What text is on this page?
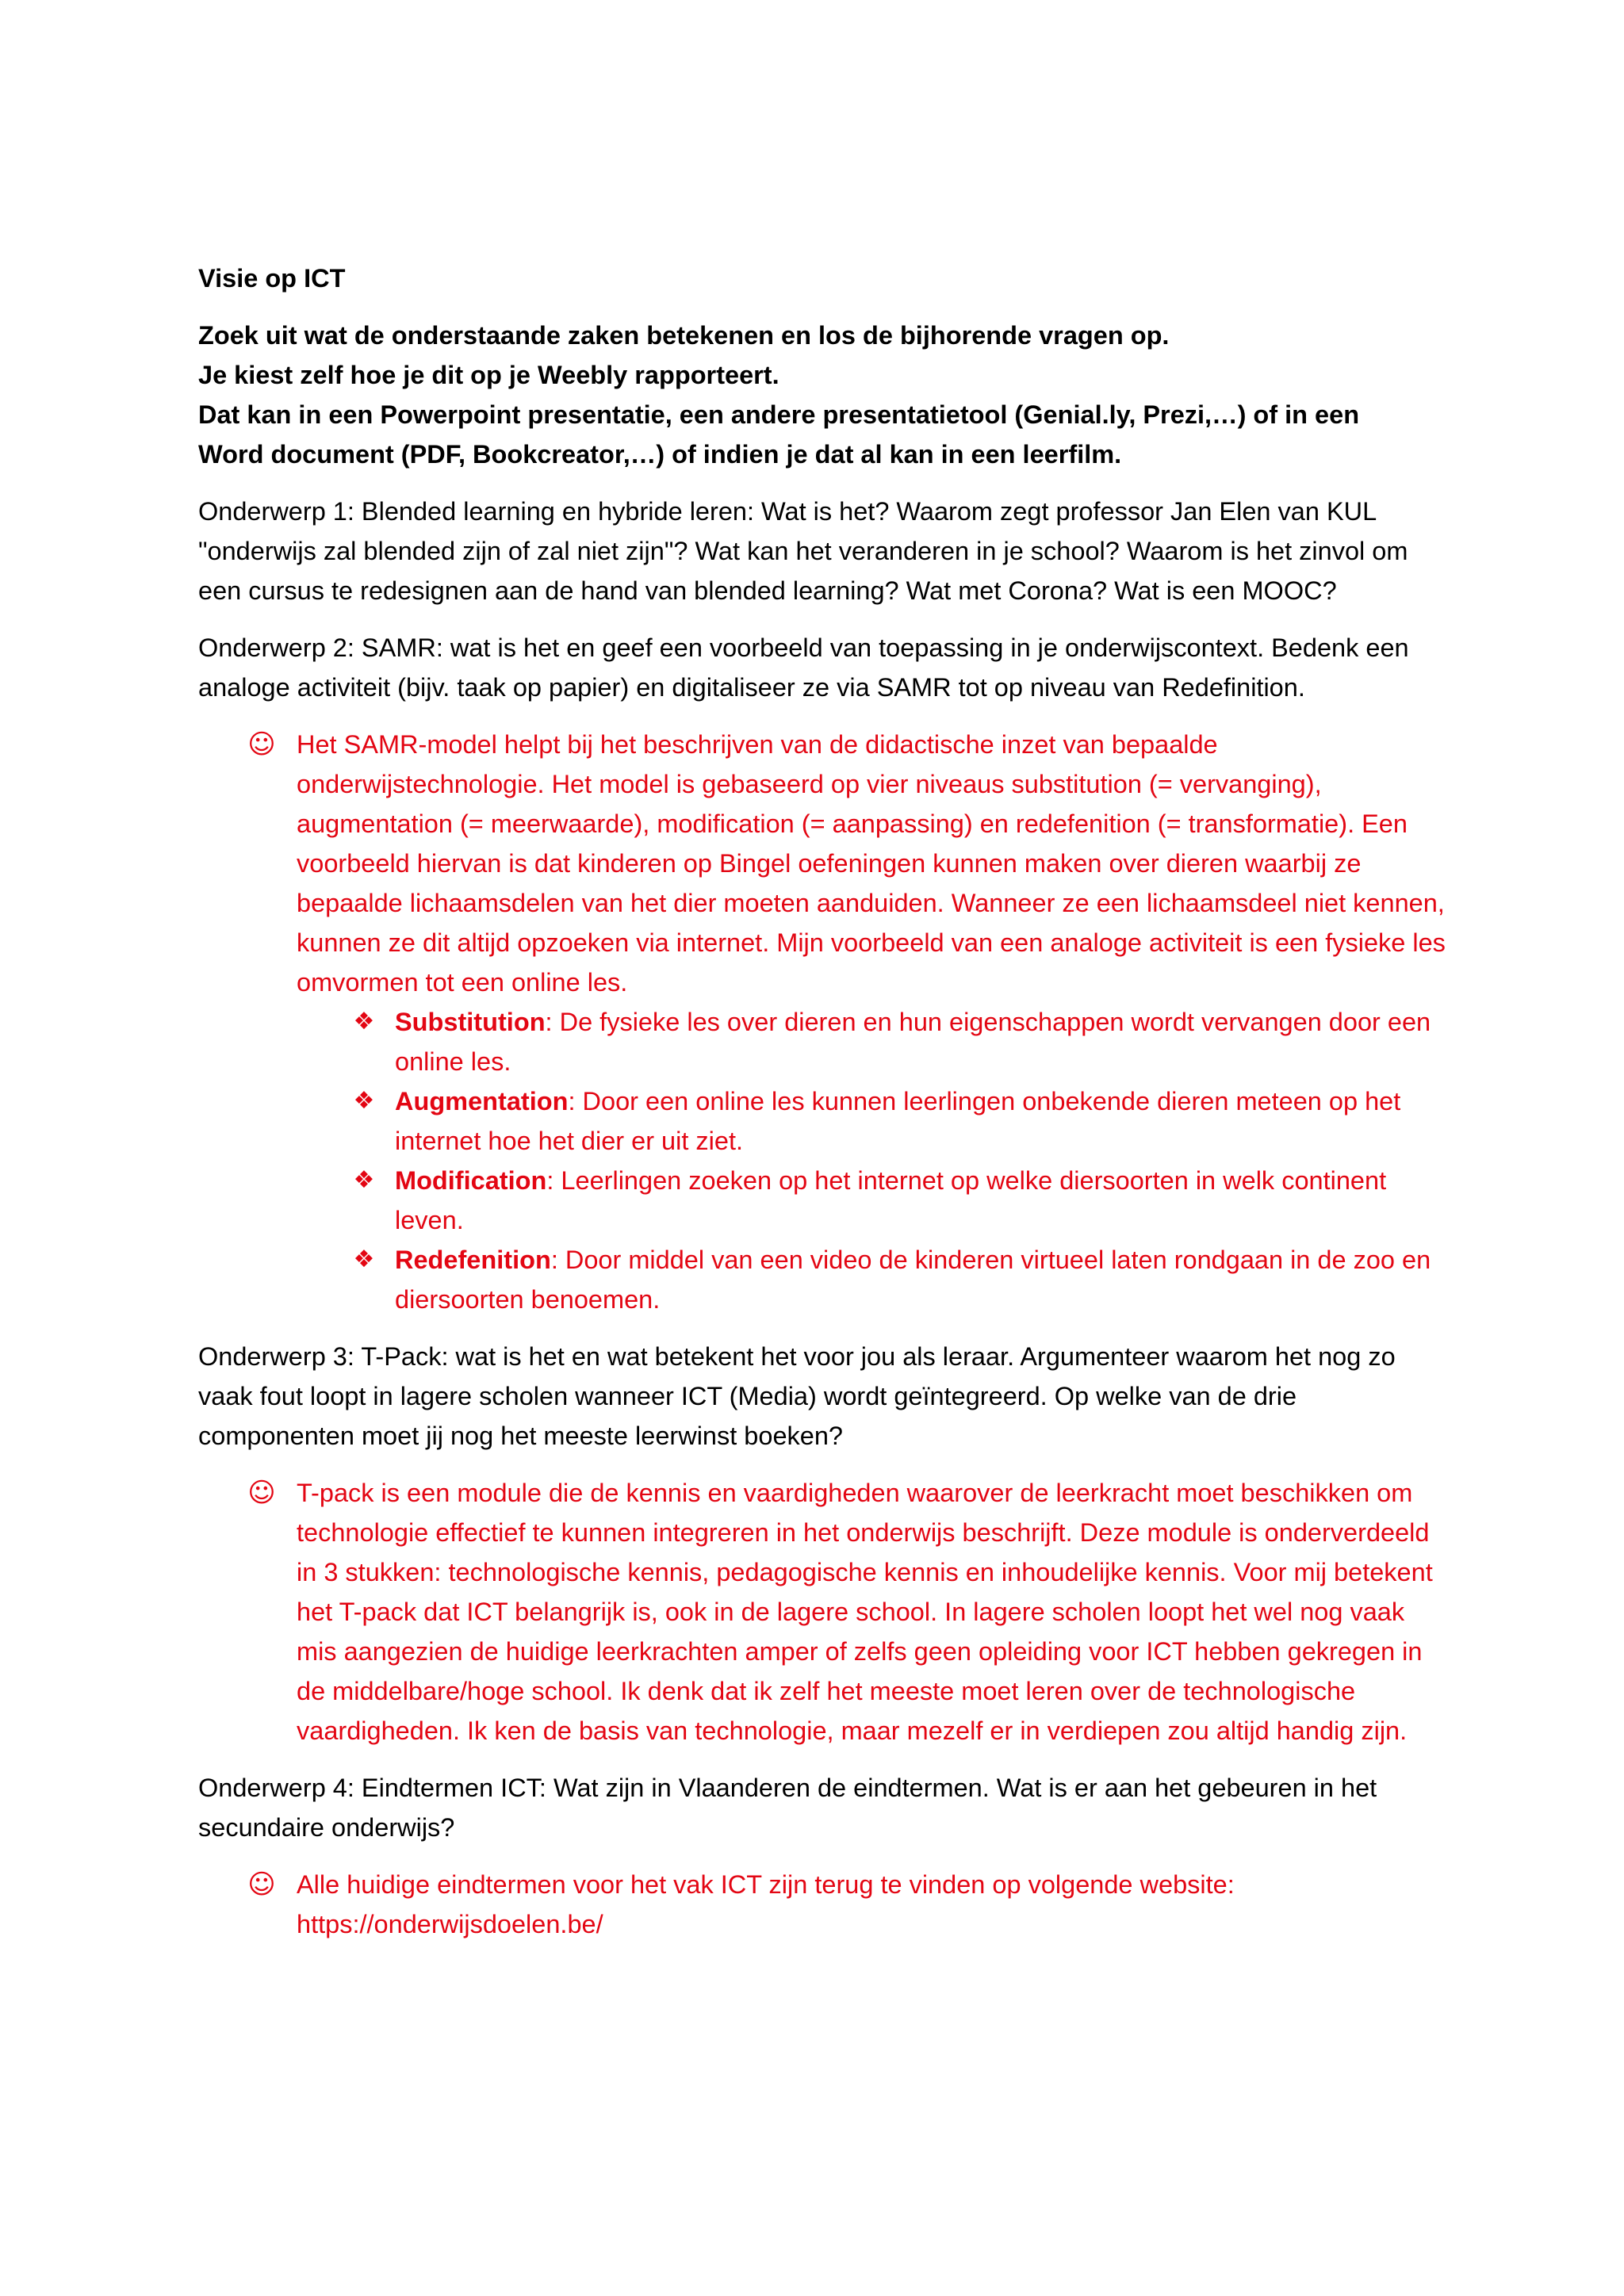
Visie op ICT
Zoek uit wat de onderstaande zaken betekenen en los de bijhorende vragen op.
Je kiest zelf hoe je dit op je Weebly rapporteert.
Dat kan in een Powerpoint presentatie, een andere presentatietool (Genial.ly, Prezi,…) of in een
Word document (PDF, Bookcreator,…) of indien je dat al kan in een leerfilm.
Onderwerp 1: Blended learning en hybride leren: Wat is het? Waarom zegt professor Jan Elen van KUL "onderwijs zal blended zijn of zal niet zijn"? Wat kan het veranderen in je school? Waarom is het zinvol om een cursus te redesignen aan de hand van blended learning? Wat met Corona? Wat is een MOOC?
Onderwerp 2: SAMR: wat is het en geef een voorbeeld van toepassing in je onderwijscontext. Bedenk een analoge activiteit (bijv. taak op papier) en digitaliseer ze via SAMR tot op niveau van Redefinition.
☺ Het SAMR-model helpt bij het beschrijven van de didactische inzet van bepaalde onderwijstechnologie. Het model is gebaseerd op vier niveaus substitution (= vervanging), augmentation (= meerwaarde), modification (= aanpassing) en redefenition (= transformatie). Een voorbeeld hiervan is dat kinderen op Bingel oefeningen kunnen maken over dieren waarbij ze bepaalde lichaamsdelen van het dier moeten aanduiden. Wanneer ze een lichaamsdeel niet kennen, kunnen ze dit altijd opzoeken via internet. Mijn voorbeeld van een analoge activiteit is een fysieke les omvormen tot een online les.
❖ Substitution: De fysieke les over dieren en hun eigenschappen wordt vervangen door een online les.
❖ Augmentation: Door een online les kunnen leerlingen onbekende dieren meteen op het internet hoe het dier er uit ziet.
❖ Modification: Leerlingen zoeken op het internet op welke diersoorten in welk continent leven.
❖ Redefenition: Door middel van een video de kinderen virtueel laten rondgaan in de zoo en diersoorten benoemen.
Onderwerp 3: T-Pack: wat is het en wat betekent het voor jou als leraar. Argumenteer waarom het nog zo vaak fout loopt in lagere scholen wanneer ICT (Media) wordt geïntegreerd. Op welke van de drie componenten moet jij nog het meeste leerwinst boeken?
☺ T-pack is een module die de kennis en vaardigheden waarover de leerkracht moet beschikken om technologie effectief te kunnen integreren in het onderwijs beschrijft. Deze module is onderverdeeld in 3 stukken: technologische kennis, pedagogische kennis en inhoudelijke kennis. Voor mij betekent het T-pack dat ICT belangrijk is, ook in de lagere school. In lagere scholen loopt het wel nog vaak mis aangezien de huidige leerkrachten amper of zelfs geen opleiding voor ICT hebben gekregen in de middelbare/hoge school. Ik denk dat ik zelf het meeste moet leren over de technologische vaardigheden. Ik ken de basis van technologie, maar mezelf er in verdiepen zou altijd handig zijn.
Onderwerp 4: Eindtermen ICT: Wat zijn in Vlaanderen de eindtermen. Wat is er aan het gebeuren in het secundaire onderwijs?
☺ Alle huidige eindtermen voor het vak ICT zijn terug te vinden op volgende website:
https://onderwijsdoelen.be/
